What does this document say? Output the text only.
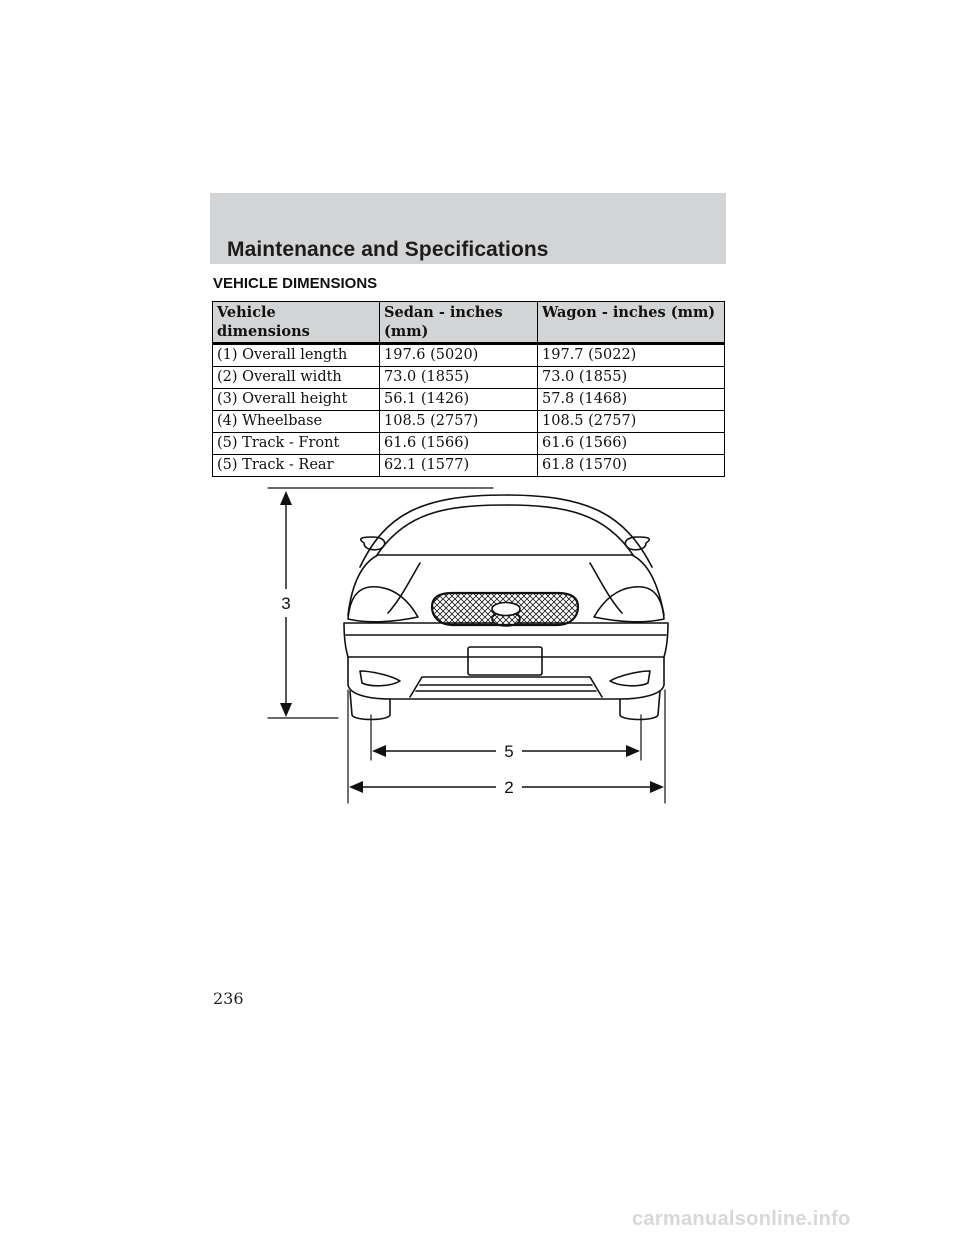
Maintenance and Specifications
VEHICLE DIMENSIONS
Vehicle dimensions	Sedan - inches (mm)	Wagon - inches (mm)
(1) Overall length	197.6 (5020)	197.7 (5022)
(2) Overall width	73.0 (1855)	73.0 (1855)
(3) Overall height	56.1 (1426)	57.8 (1468)
(4) Wheelbase	108.5 (2757)	108.5 (2757)
(5) Track - Front	61.6 (1566)	61.6 (1566)
(5) Track - Rear	62.1 (1577)	61.8 (1570)
3
5
2
236
carmanualsonline.info
